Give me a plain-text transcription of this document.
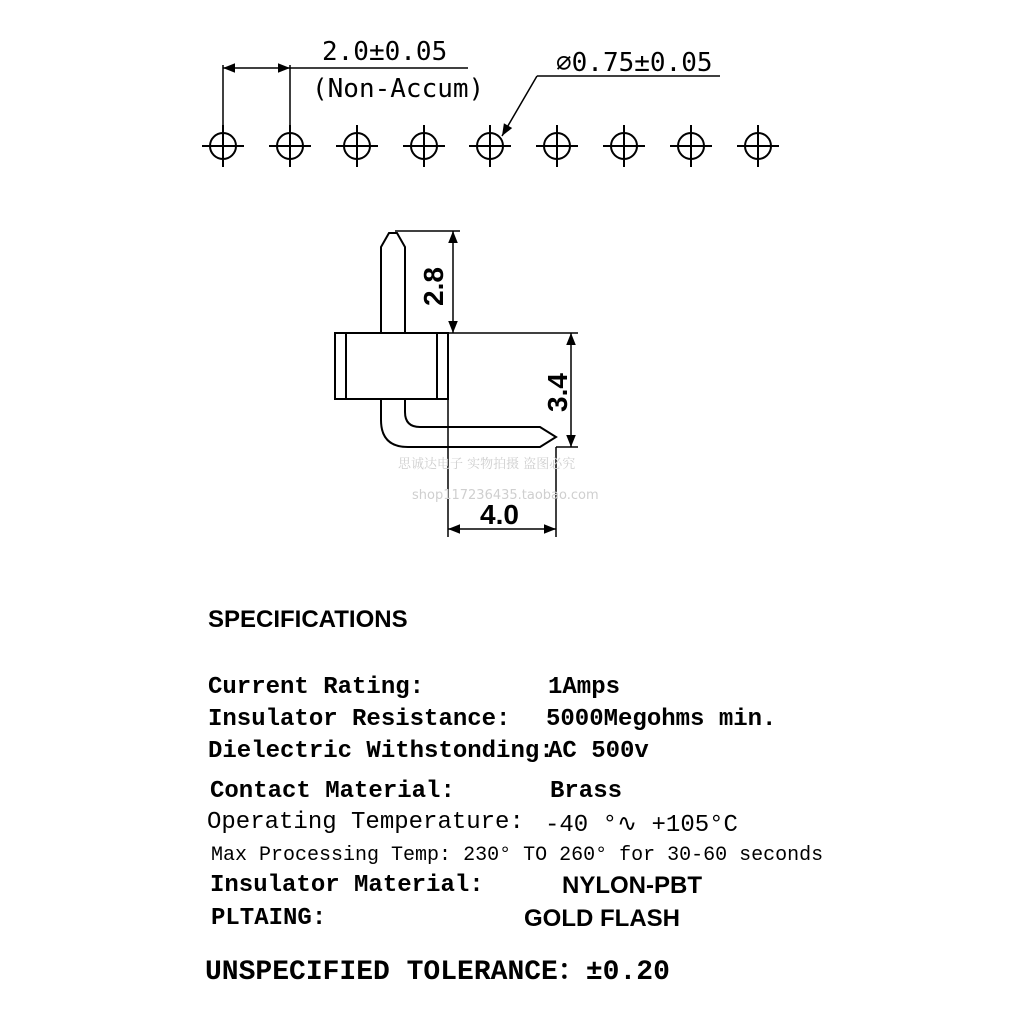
2.0±0.05
(Non-Accum)
∅0.75±0.05
2.8
3.4
4.0
思诚达电子 实物拍摄 盗图必究
shop117236435.taobao.com
SPECIFICATIONS
Current Rating:	1Amps
Insulator Resistance: 5000Megohms min.
Dielectric Withstonding:
AC 500v
Contact Material:	Brass
Operating Temperature: -40 °∿ +105°C
Max Processing Temp: 230° TO 260° for 30-60 seconds
Insulator Material:	NYLON-PBT
PLTAING:	GOLD FLASH
UNSPECIFIED TOLERANCE：±0.20
